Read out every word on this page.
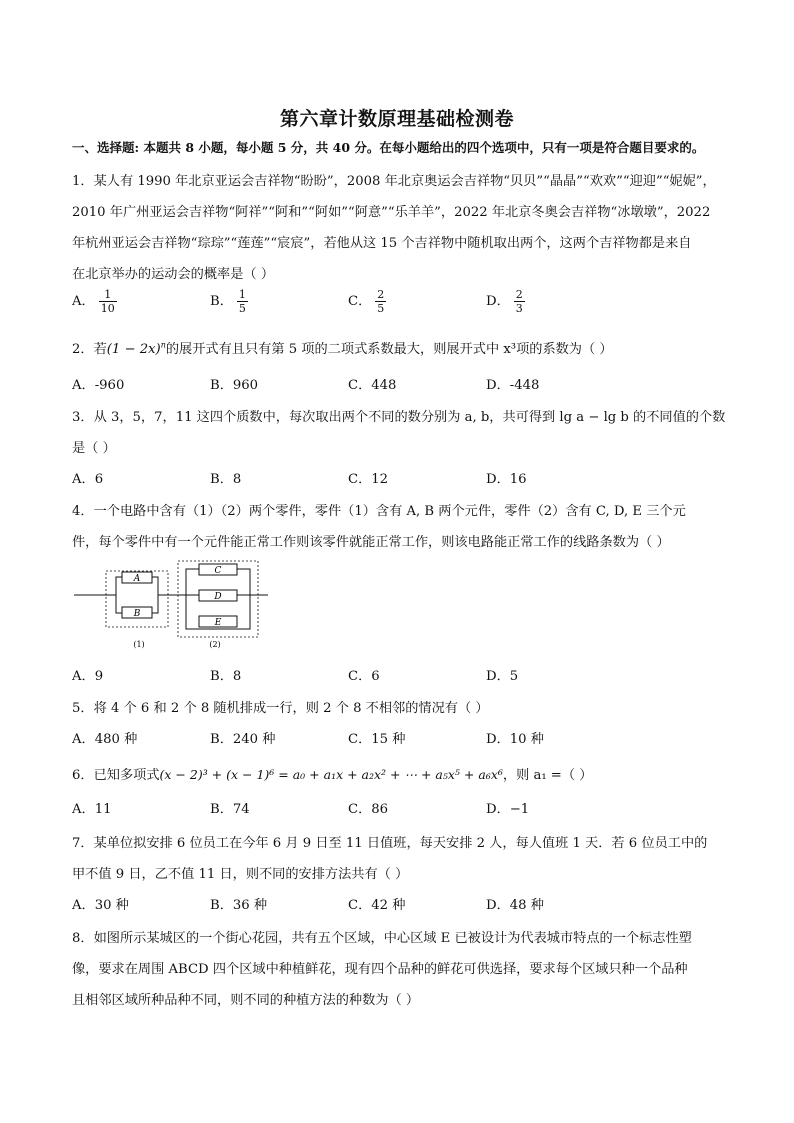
第六章计数原理基础检测卷
一、选择题: 本题共 8 小题，每小题 5 分，共 40 分。在每小题给出的四个选项中，只有一项是符合题目要求的。
1．某人有 1990 年北京亚运会吉祥物“盼盼”，2008 年北京奥运会吉祥物“贝贝”“晶晶”“欢欢”“迎迎”“妮妮”，
2010 年广州亚运会吉祥物“阿祥”“阿和”“阿如”“阿意”“乐羊羊”，2022 年北京冬奥会吉祥物“冰墩墩”，2022
年杭州亚运会吉祥物“琮琮”“莲莲”“宸宸”，若他从这 15 个吉祥物中随机取出两个，这两个吉祥物都是来自
在北京举办的运动会的概率是（ ）
A． $\frac{1}{10}$	B． $\frac{1}{5}$	C． $\frac{2}{5}$	D． $\frac{2}{3}$
2．若$(1 - 2x)^n$的展开式有且只有第 5 项的二项式系数最大，则展开式中 x³项的系数为（ ）
A．-960	B．960	C．448	D．-448
3．从 3，5，7，11 这四个质数中，每次取出两个不同的数分别为 a, b，共可得到 lg a − lg b 的不同值的个数
是（ ）
A．6	B．8	C．12	D．16
4．一个电路中含有（1）（2）两个零件，零件（1）含有 A, B 两个元件，零件（2）含有 C, D, E 三个元
件，每个零件中有一个元件能正常工作则该零件就能正常工作，则该电路能正常工作的线路条数为（ ）
A
B
C
D
E
(1)	(2)
A．9	B．8	C．6	D．5
5．将 4 个 6 和 2 个 8 随机排成一行，则 2 个 8 不相邻的情况有（ ）
A．480 种	B．240 种	C．15 种	D．10 种
6．已知多项式(x − 2)³ + (x − 1)⁶ = a₀ + a₁x + a₂x² + ⋯ + a₅x⁵ + a₆x⁶，则 a₁ =（ ）
A．11	B．74	C．86	D．−1
7．某单位拟安排 6 位员工在今年 6 月 9 日至 11 日值班，每天安排 2 人，每人值班 1 天．若 6 位员工中的
甲不值 9 日，乙不值 11 日，则不同的安排方法共有（ ）
A．30 种	B．36 种	C．42 种	D．48 种
8．如图所示某城区的一个街心花园，共有五个区域，中心区域 E 已被设计为代表城市特点的一个标志性塑
像，要求在周围 ABCD 四个区域中种植鲜花，现有四个品种的鲜花可供选择，要求每个区域只种一个品种
且相邻区域所种品种不同，则不同的种植方法的种数为（ ）
